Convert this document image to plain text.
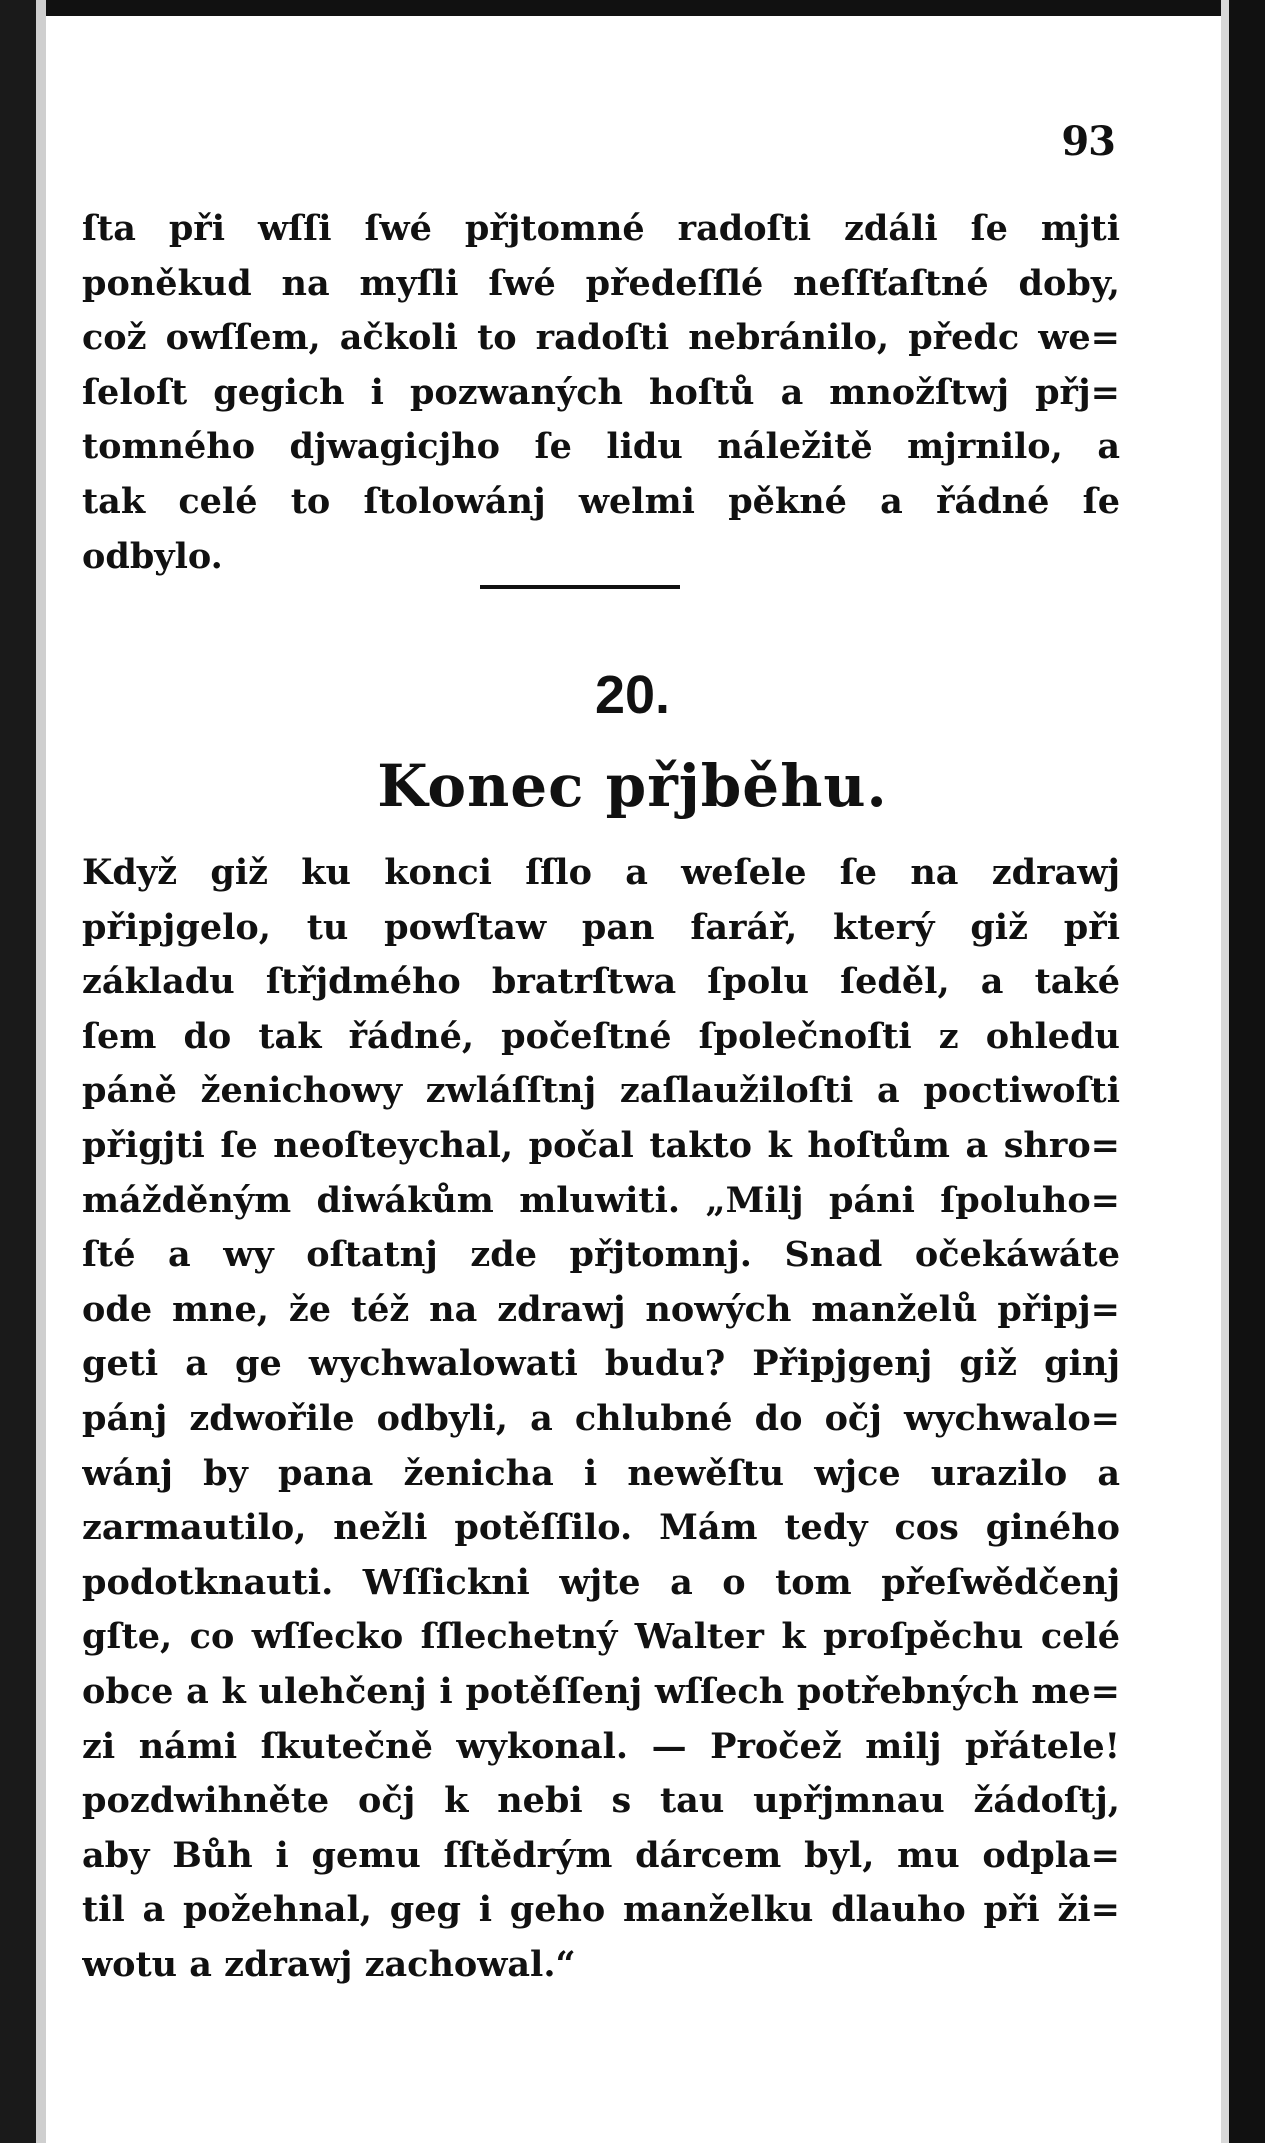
93
ſta při wſſi ſwé přjtomné radoſti zdáli ſe mjti
poněkud na myſli ſwé předeſſlé neſſťaſtné doby,
což owſſem, ačkoli to radoſti nebránilo, předc we=
ſeloſt gegich i pozwaných hoſtů a množſtwj přj=
tomného djwagicjho ſe lidu náležitě mjrnilo, a
tak celé to ſtolowánj welmi pěkné a řádné ſe
odbylo.
20.
Konec přjběhu.
Když giž ku konci ſſlo a weſele ſe na zdrawj
připjgelo, tu powſtaw pan farář, který giž při
základu ſtřjdmého bratrſtwa ſpolu ſeděl, a také
ſem do tak řádné, počeſtné ſpolečnoſti z ohledu
páně ženichowy zwláſſtnj zaſlaužiloſti a poctiwoſti
přigjti ſe neoſteychal, počal takto k hoſtům a shro=
mážděným diwákům mluwiti. „Milj páni ſpoluho=
ſté a wy oſtatnj zde přjtomnj. Snad očekáwáte
ode mne, že též na zdrawj nowých manželů připj=
geti a ge wychwalowati budu? Připjgenj giž ginj
pánj zdwořile odbyli, a chlubné do očj wychwalo=
wánj by pana ženicha i newěſtu wjce urazilo a
zarmautilo, nežli potěſſilo. Mám tedy cos giného
podotknauti. Wſſickni wjte a o tom přeſwědčenj
gſte, co wſſecko ſſlechetný Walter k proſpěchu celé
obce a k ulehčenj i potěſſenj wſſech potřebných me=
zi námi ſkutečně wykonal. — Pročež milj přátele!
pozdwihněte očj k nebi s tau upřjmnau žádoſtj,
aby Bůh i gemu ſſtědrým dárcem byl, mu odpla=
til a požehnal, geg i geho manželku dlauho při ži=
wotu a zdrawj zachowal.“
